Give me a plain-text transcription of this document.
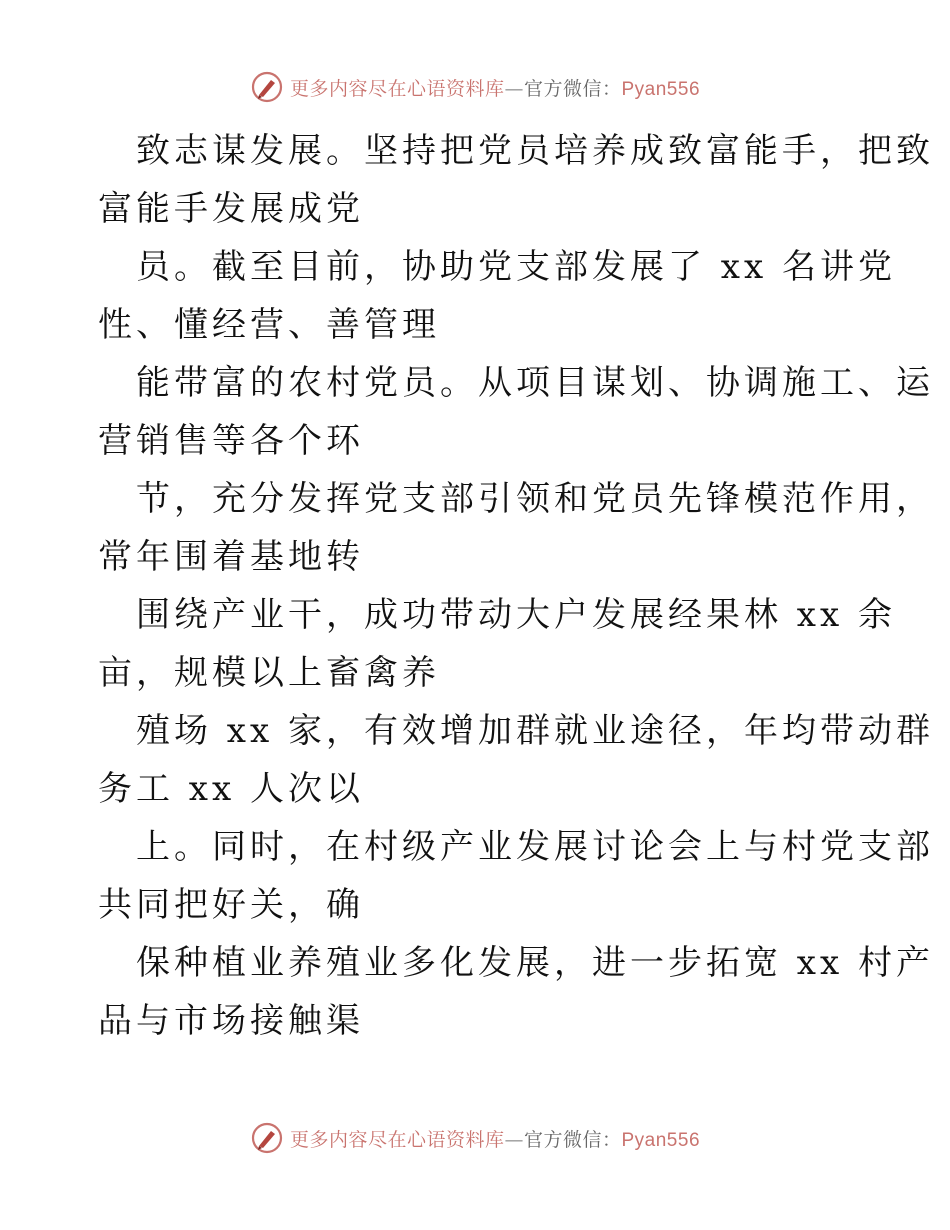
更多内容尽在心语资料库—官方微信：Pyan556
致志谋发展。坚持把党员培养成致富能手，把致
富能手发展成党
员。截至目前，协助党支部发展了 xx 名讲党
性、懂经营、善管理
能带富的农村党员。从项目谋划、协调施工、运
营销售等各个环
节，充分发挥党支部引领和党员先锋模范作用，
常年围着基地转
围绕产业干，成功带动大户发展经果林 xx 余
亩，规模以上畜禽养
殖场 xx 家，有效增加群就业途径，年均带动群
务工 xx 人次以
上。同时，在村级产业发展讨论会上与村党支部
共同把好关，确
保种植业养殖业多化发展，进一步拓宽 xx 村产
品与市场接触渠
更多内容尽在心语资料库—官方微信：Pyan556
